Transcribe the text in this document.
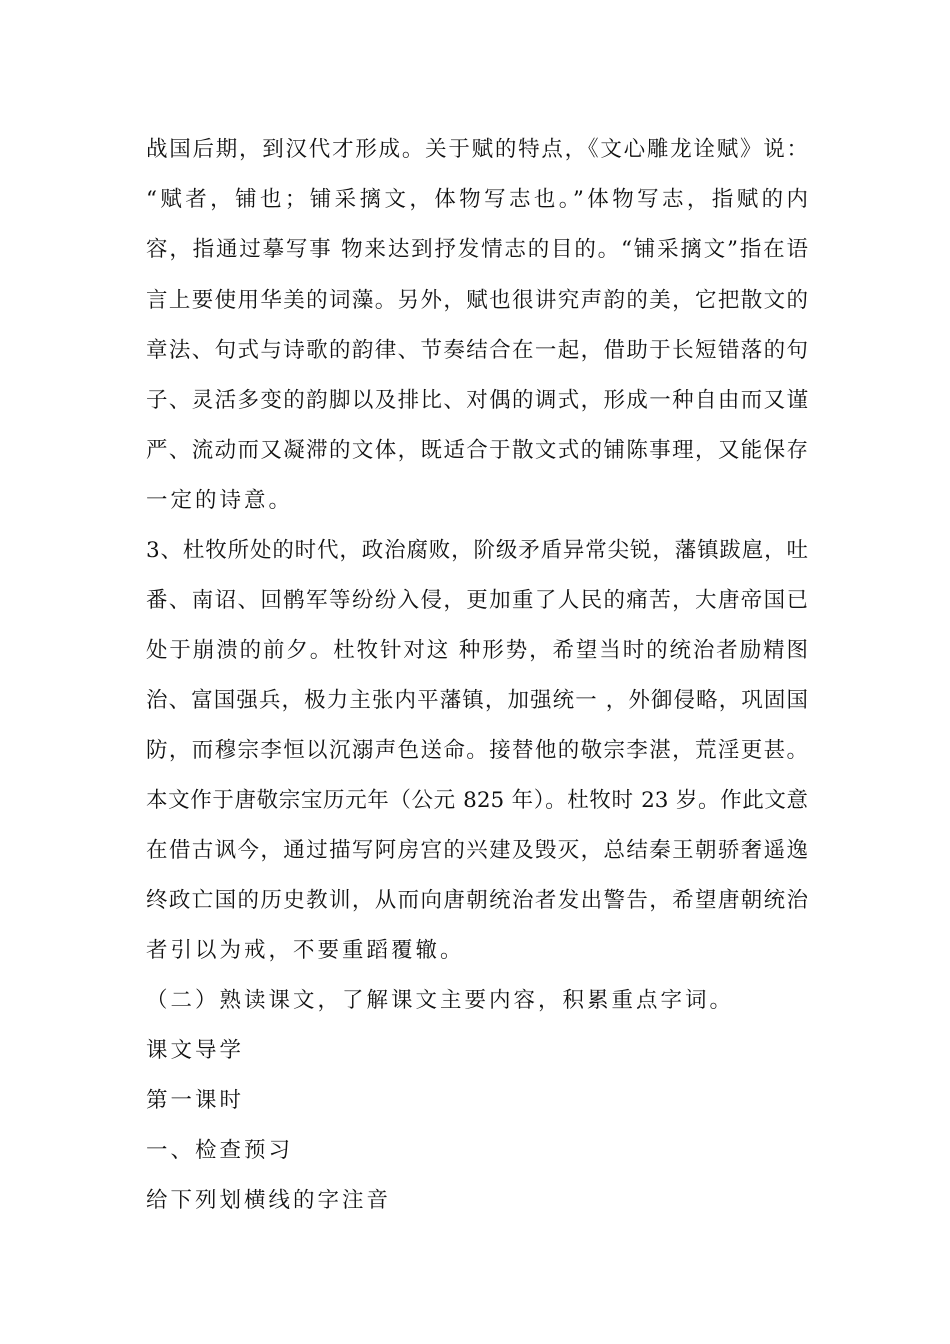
战国后期，到汉代才形成。关于赋的特点，《文心雕龙诠赋》说：
“赋者，铺也；铺采摛文，体物写志也。”体物写志，指赋的内
容，指通过摹写事 物来达到抒发情志的目的。“铺采摛文”指在语
言上要使用华美的词藻。另外，赋也很讲究声韵的美，它把散文的
章法、句式与诗歌的韵律、节奏结合在一起，借助于长短错落的句
子、灵活多变的韵脚以及排比、对偶的调式，形成一种自由而又谨
严、流动而又凝滞的文体，既适合于散文式的铺陈事理，又能保存
一定的诗意。
3、杜牧所处的时代，政治腐败，阶级矛盾异常尖锐，藩镇跋扈，吐
番、南诏、回鹘军等纷纷入侵，更加重了人民的痛苦，大唐帝国已
处于崩溃的前夕。杜牧针对这 种形势，希望当时的统治者励精图
治、富国强兵，极力主张内平藩镇，加强统一 ，外御侵略，巩固国
防，而穆宗李恒以沉溺声色送命。接替他的敬宗李湛，荒淫更甚。
本文作于唐敬宗宝历元年（公元 825 年）。杜牧时 23 岁。作此文意
在借古讽今，通过描写阿房宫的兴建及毁灭，总结秦王朝骄奢遥逸
终政亡国的历史教训，从而向唐朝统治者发出警告，希望唐朝统治
者引以为戒，不要重蹈覆辙。
（二）熟读课文，了解课文主要内容，积累重点字词。
课文导学
第一课时
一、检查预习
给下列划横线的字注音
